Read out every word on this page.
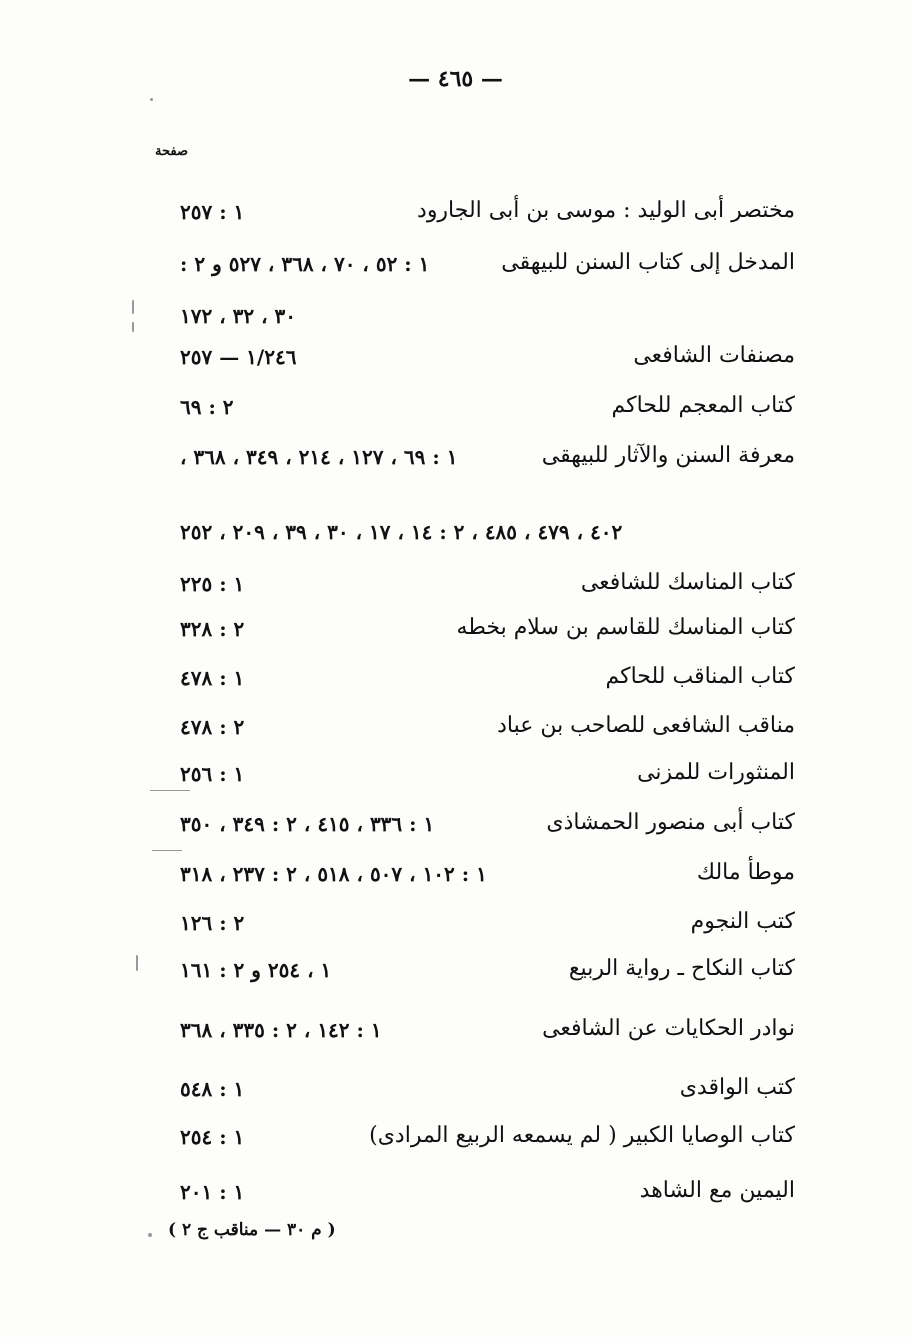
— ٤٦٥ —
صفحة
مختصر أبى الوليد : موسى بن أبى الجارود
١ : ٢٥٧
المدخل إلى كتاب السنن للبيهقى
١ : ٥٢ ، ٧٠ ، ٣٦٨ ، ٥٢٧ و ٢ :
٣٠ ، ٣٢ ، ١٧٢
مصنفات الشافعى
١/٢٤٦ — ٢٥٧
كتاب المعجم للحاكم
٢ : ٦٩
معرفة السنن والآثار للبيهقى
١ : ٦٩ ، ١٢٧ ، ٢١٤ ، ٣٤٩ ، ٣٦٨ ،
٤٠٢ ، ٤٧٩ ، ٤٨٥ ، ٢ : ١٤ ، ١٧ ، ٣٠ ، ٣٩ ، ٢٠٩ ، ٢٥٢
كتاب المناسك للشافعى
١ : ٢٢٥
كتاب المناسك للقاسم بن سلام بخطه
٢ : ٣٢٨
كتاب المناقب للحاكم
١ : ٤٧٨
مناقب الشافعى للصاحب بن عباد
٢ : ٤٧٨
المنثورات للمزنى
١ : ٢٥٦
كتاب أبى منصور الحمشاذى
١ : ٣٣٦ ، ٤١٥ ، ٢ : ٣٤٩ ، ٣٥٠
موطأ مالك
١ : ١٠٢ ، ٥٠٧ ، ٥١٨ ، ٢ : ٢٣٧ ، ٣١٨
كتب النجوم
٢ : ١٢٦
كتاب النكاح ـ رواية الربيع
١ ، ٢٥٤ و ٢ : ١٦١
نوادر الحكايات عن الشافعى
١ : ١٤٢ ، ٢ : ٣٣٥ ، ٣٦٨
كتب الواقدى
١ : ٥٤٨
كتاب الوصايا الكبير ( لم يسمعه الربيع المرادى)
١ : ٢٥٤
اليمين مع الشاهد
١ : ٢٠١
( م ٣٠ — مناقب ج ٢ )
